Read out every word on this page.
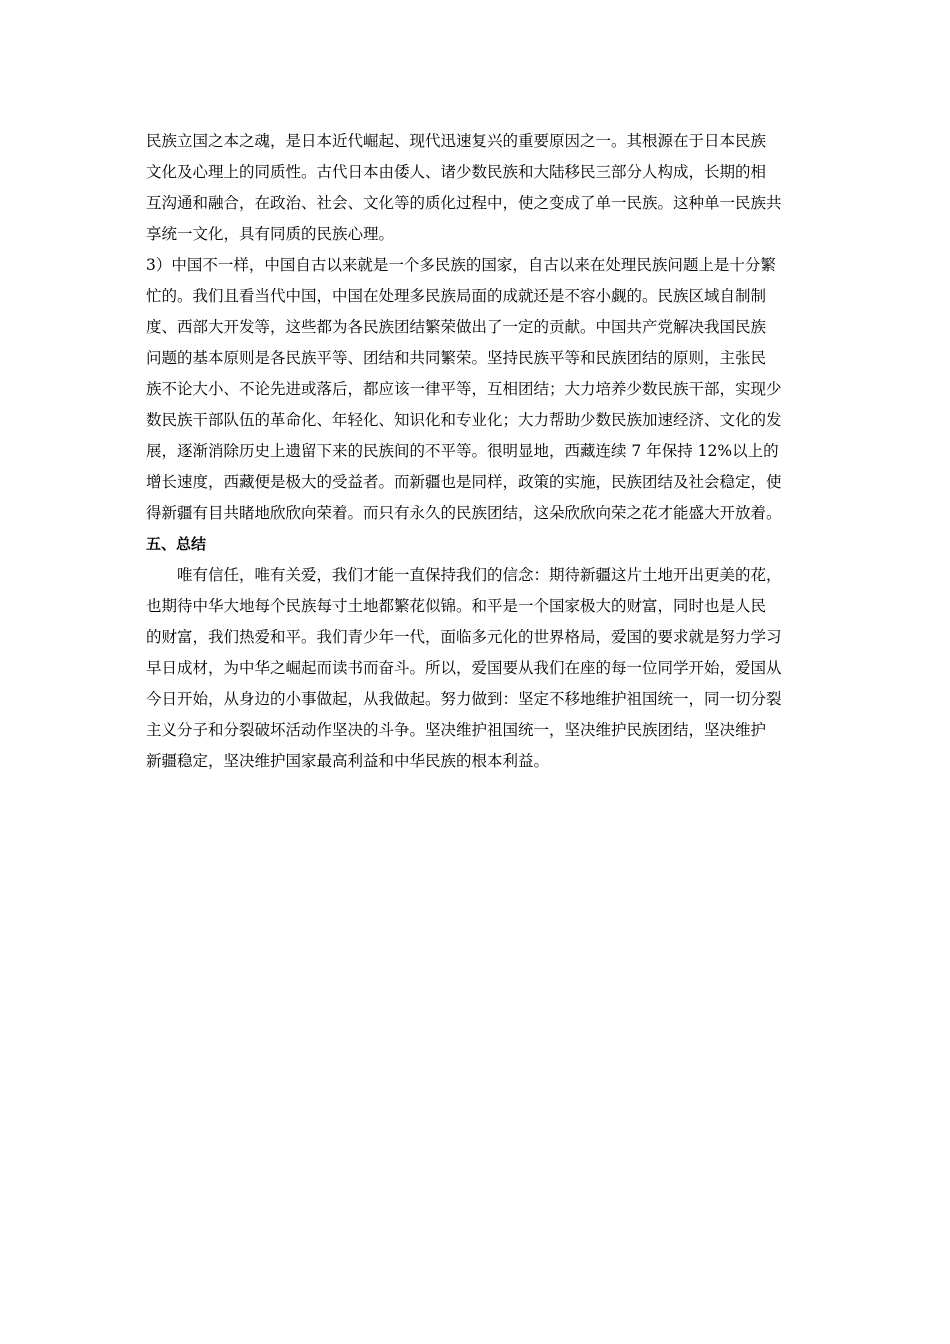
民族立国之本之魂，是日本近代崛起、现代迅速复兴的重要原因之一。其根源在于日本民族
文化及心理上的同质性。古代日本由倭人、诸少数民族和大陆移民三部分人构成，长期的相
互沟通和融合，在政治、社会、文化等的质化过程中，使之变成了单一民族。这种单一民族共
享统一文化，具有同质的民族心理。
3）中国不一样，中国自古以来就是一个多民族的国家，自古以来在处理民族问题上是十分繁
忙的。我们且看当代中国，中国在处理多民族局面的成就还是不容小觑的。民族区域自制制
度、西部大开发等，这些都为各民族团结繁荣做出了一定的贡献。中国共产党解决我国民族
问题的基本原则是各民族平等、团结和共同繁荣。坚持民族平等和民族团结的原则，主张民
族不论大小、不论先进或落后，都应该一律平等，互相团结；大力培养少数民族干部，实现少
数民族干部队伍的革命化、年轻化、知识化和专业化；大力帮助少数民族加速经济、文化的发
展，逐渐消除历史上遗留下来的民族间的不平等。很明显地，西藏连续 7 年保持 12%以上的
增长速度，西藏便是极大的受益者。而新疆也是同样，政策的实施，民族团结及社会稳定，使
得新疆有目共睹地欣欣向荣着。而只有永久的民族团结，这朵欣欣向荣之花才能盛大开放着。
五、总结
　　唯有信任，唯有关爱，我们才能一直保持我们的信念：期待新疆这片土地开出更美的花，
也期待中华大地每个民族每寸土地都繁花似锦。和平是一个国家极大的财富，同时也是人民
的财富，我们热爱和平。我们青少年一代，面临多元化的世界格局，爱国的要求就是努力学习
早日成材，为中华之崛起而读书而奋斗。所以，爱国要从我们在座的每一位同学开始，爱国从
今日开始，从身边的小事做起，从我做起。努力做到：坚定不移地维护祖国统一，同一切分裂
主义分子和分裂破坏活动作坚决的斗争。坚决维护祖国统一，坚决维护民族团结，坚决维护
新疆稳定，坚决维护国家最高利益和中华民族的根本利益。
